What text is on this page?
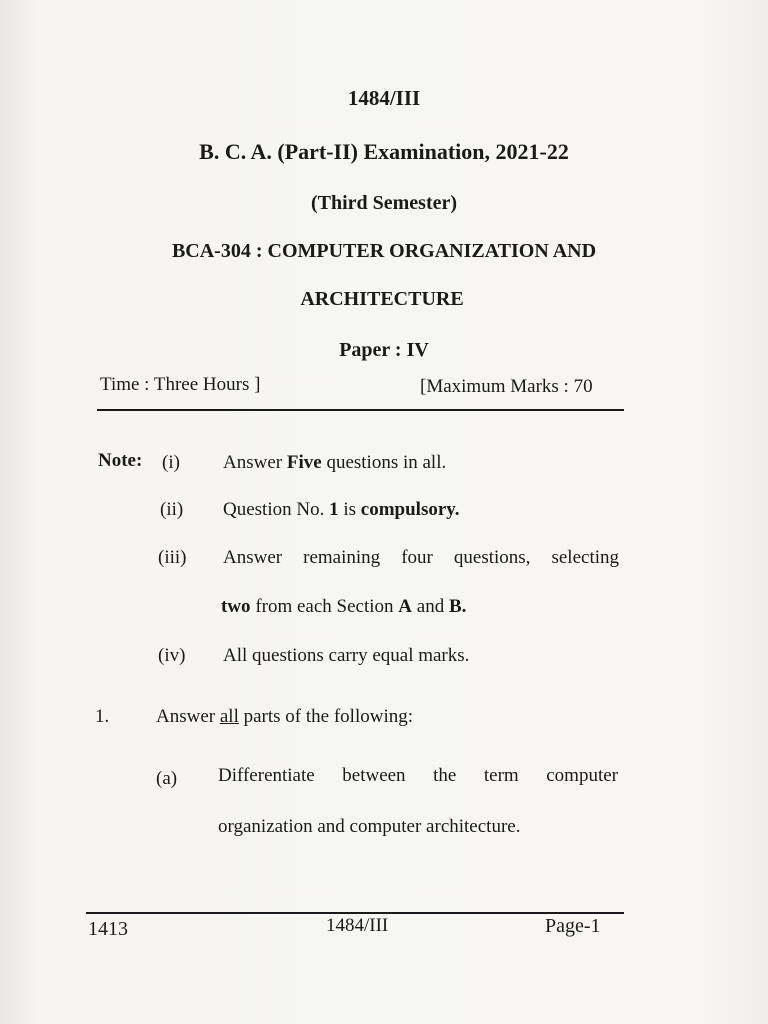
1484/III
B. C. A. (Part-II) Examination, 2021-22
(Third Semester)
BCA-304 : COMPUTER ORGANIZATION AND
ARCHITECTURE
Paper : IV
Time : Three Hours ]	[Maximum Marks : 70
Note: (i) Answer Five questions in all.
(ii) Question No. 1 is compulsory.
(iii) Answer remaining four questions, selecting
two from each Section A and B.
(iv) All questions carry equal marks.
1. Answer all parts of the following:
(a) Differentiate between the term computer
organization and computer architecture.
1413	1484/III	Page-1
